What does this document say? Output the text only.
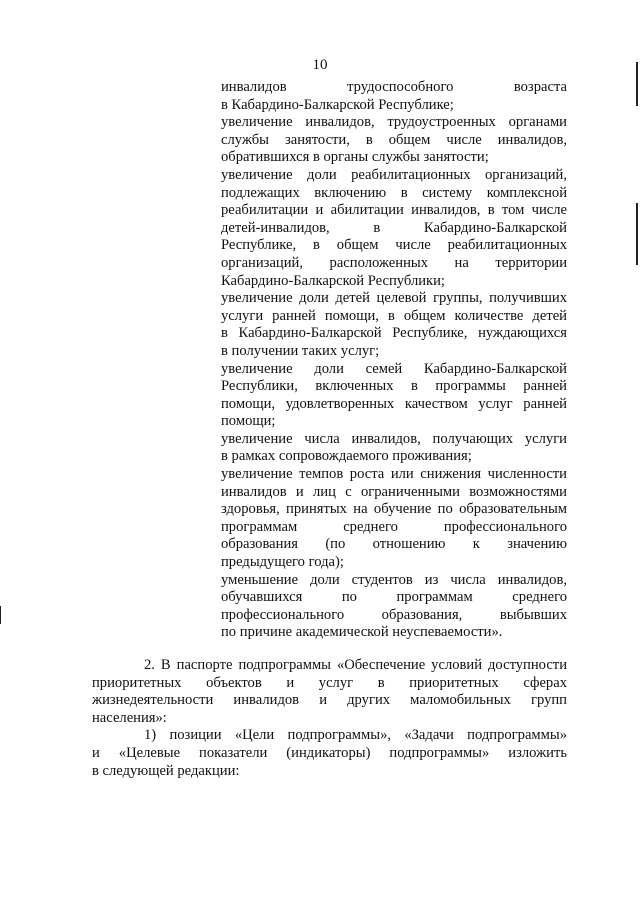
10
инвалидов трудоспособного возраста
в Кабардино-Балкарской Республике;
увеличение инвалидов, трудоустроенных органами
службы занятости, в общем числе инвалидов,
обратившихся в органы службы занятости;
увеличение доли реабилитационных организаций,
подлежащих включению в систему комплексной
реабилитации и абилитации инвалидов, в том числе
детей-инвалидов, в Кабардино-Балкарской
Республике, в общем числе реабилитационных
организаций, расположенных на территории
Кабардино-Балкарской Республики;
увеличение доли детей целевой группы, получивших
услуги ранней помощи, в общем количестве детей
в Кабардино-Балкарской Республике, нуждающихся
в получении таких услуг;
увеличение доли семей Кабардино-Балкарской
Республики, включенных в программы ранней
помощи, удовлетворенных качеством услуг ранней
помощи;
увеличение числа инвалидов, получающих услуги
в рамках сопровождаемого проживания;
увеличение темпов роста или снижения численности
инвалидов и лиц с ограниченными возможностями
здоровья, принятых на обучение по образовательным
программам среднего профессионального
образования (по отношению к значению
предыдущего года);
уменьшение доли студентов из числа инвалидов,
обучавшихся по программам среднего
профессионального образования, выбывших
по причине академической неуспеваемости».
2. В паспорте подпрограммы «Обеспечение условий доступности
приоритетных объектов и услуг в приоритетных сферах
жизнедеятельности инвалидов и других маломобильных групп
населения»:
1) позиции «Цели подпрограммы», «Задачи подпрограммы»
и «Целевые показатели (индикаторы) подпрограммы» изложить
в следующей редакции:
